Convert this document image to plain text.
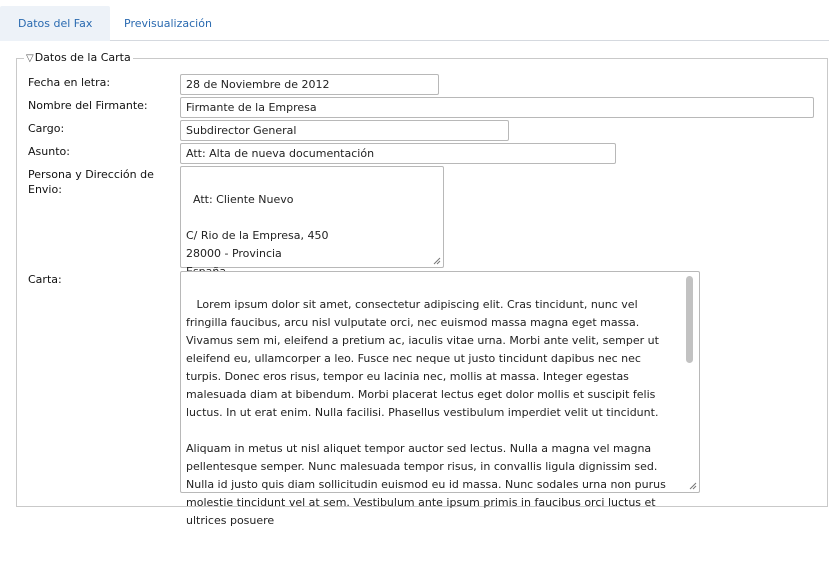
Datos del Fax	Previsualización
▽Datos de la Carta
Fecha en letra:
28 de Noviembre de 2012
Nombre del Firmante:
Firmante de la Empresa
Cargo:
Subdirector General
Asunto:
Att: Alta de nueva documentación
Persona y Dirección de Envio:

Att: Cliente Nuevo

C/ Rio de la Empresa, 450
28000 - Provincia

Carta:

Lorem ipsum dolor sit amet, consectetur adipiscing elit. Cras tincidunt, nunc vel fringilla faucibus, arcu nisl vulputate orci, nec euismod massa magna eget massa. Vivamus sem mi, eleifend a pretium ac, iaculis vitae urna. Morbi ante velit, semper ut eleifend eu, ullamcorper a leo. Fusce nec neque ut justo tincidunt dapibus nec nec turpis. Donec eros risus, tempor eu lacinia nec, mollis at massa. Integer egestas malesuada diam at bibendum. Morbi placerat lectus eget dolor mollis et suscipit felis luctus. In ut erat enim. Nulla facilisi. Phasellus vestibulum imperdiet velit ut tincidunt.

Aliquam in metus ut nisl aliquet tempor auctor sed lectus. Nulla a magna vel magna pellentesque semper. Nunc malesuada tempor risus, in convallis ligula dignissim sed. Nulla id justo quis diam sollicitudin euismod eu id massa. Nunc sodales urna non purus molestie tincidunt vel at sem. Vestibulum ante ipsum primis in faucibus orci luctus et ultrices posuere
